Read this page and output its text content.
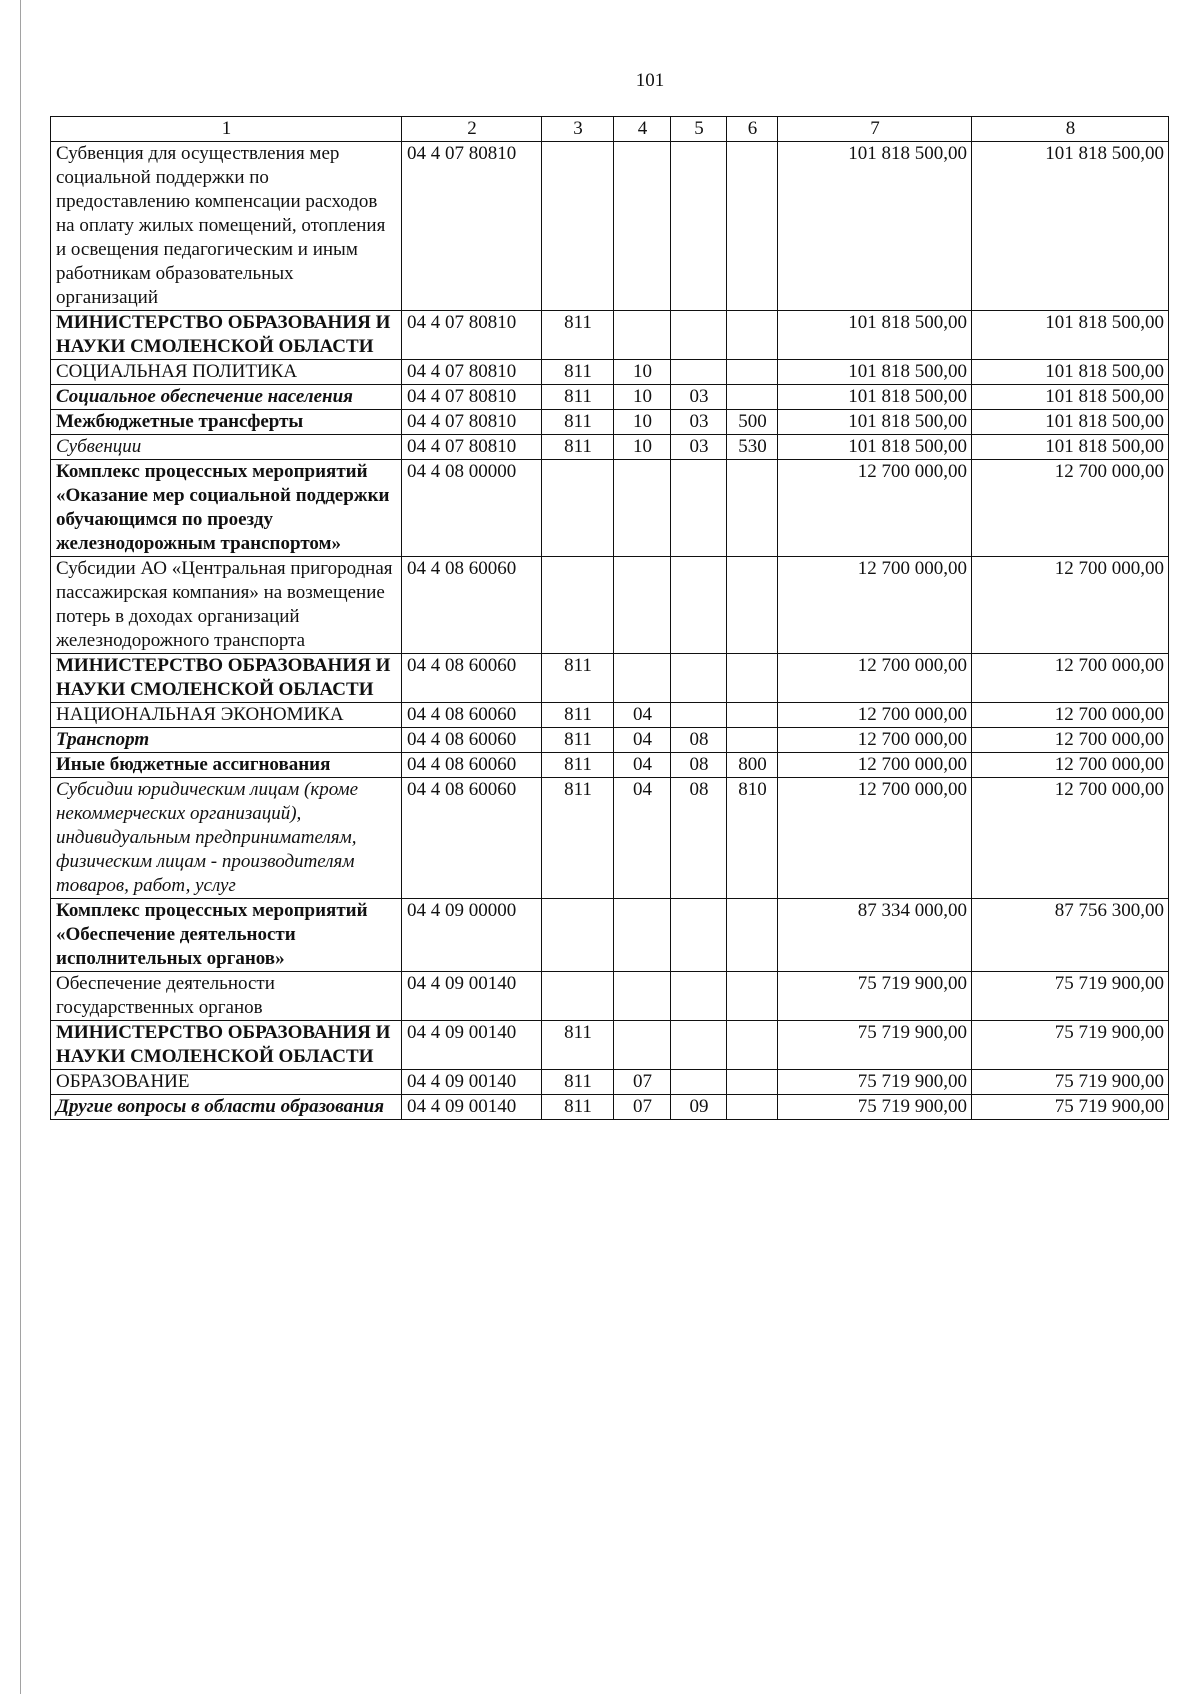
101
1	2	3	4	5	6	7	8
Субвенция для осуществления мер социальной поддержки по предоставлению компенсации расходов на оплату жилых помещений, отопления и освещения педагогическим и иным работникам образовательных организаций	04 4 07 80810					101 818 500,00	101 818 500,00
МИНИСТЕРСТВО ОБРАЗОВАНИЯ И НАУКИ СМОЛЕНСКОЙ ОБЛАСТИ	04 4 07 80810	811				101 818 500,00	101 818 500,00
СОЦИАЛЬНАЯ ПОЛИТИКА	04 4 07 80810	811	10			101 818 500,00	101 818 500,00
Социальное обеспечение населения	04 4 07 80810	811	10	03		101 818 500,00	101 818 500,00
Межбюджетные трансферты	04 4 07 80810	811	10	03	500	101 818 500,00	101 818 500,00
Субвенции	04 4 07 80810	811	10	03	530	101 818 500,00	101 818 500,00
Комплекс процессных мероприятий «Оказание мер социальной поддержки обучающимся по проезду железнодорожным транспортом»	04 4 08 00000					12 700 000,00	12 700 000,00
Субсидии АО «Центральная пригородная пассажирская компания» на возмещение потерь в доходах организаций железнодорожного транспорта	04 4 08 60060					12 700 000,00	12 700 000,00
МИНИСТЕРСТВО ОБРАЗОВАНИЯ И НАУКИ СМОЛЕНСКОЙ ОБЛАСТИ	04 4 08 60060	811				12 700 000,00	12 700 000,00
НАЦИОНАЛЬНАЯ ЭКОНОМИКА	04 4 08 60060	811	04			12 700 000,00	12 700 000,00
Транспорт	04 4 08 60060	811	04	08		12 700 000,00	12 700 000,00
Иные бюджетные ассигнования	04 4 08 60060	811	04	08	800	12 700 000,00	12 700 000,00
Субсидии юридическим лицам (кроме некоммерческих организаций), индивидуальным предпринимателям, физическим лицам - производителям товаров, работ, услуг	04 4 08 60060	811	04	08	810	12 700 000,00	12 700 000,00
Комплекс процессных мероприятий «Обеспечение деятельности исполнительных органов»	04 4 09 00000					87 334 000,00	87 756 300,00
Обеспечение деятельности государственных органов	04 4 09 00140					75 719 900,00	75 719 900,00
МИНИСТЕРСТВО ОБРАЗОВАНИЯ И НАУКИ СМОЛЕНСКОЙ ОБЛАСТИ	04 4 09 00140	811				75 719 900,00	75 719 900,00
ОБРАЗОВАНИЕ	04 4 09 00140	811	07			75 719 900,00	75 719 900,00
Другие вопросы в области образования	04 4 09 00140	811	07	09		75 719 900,00	75 719 900,00
